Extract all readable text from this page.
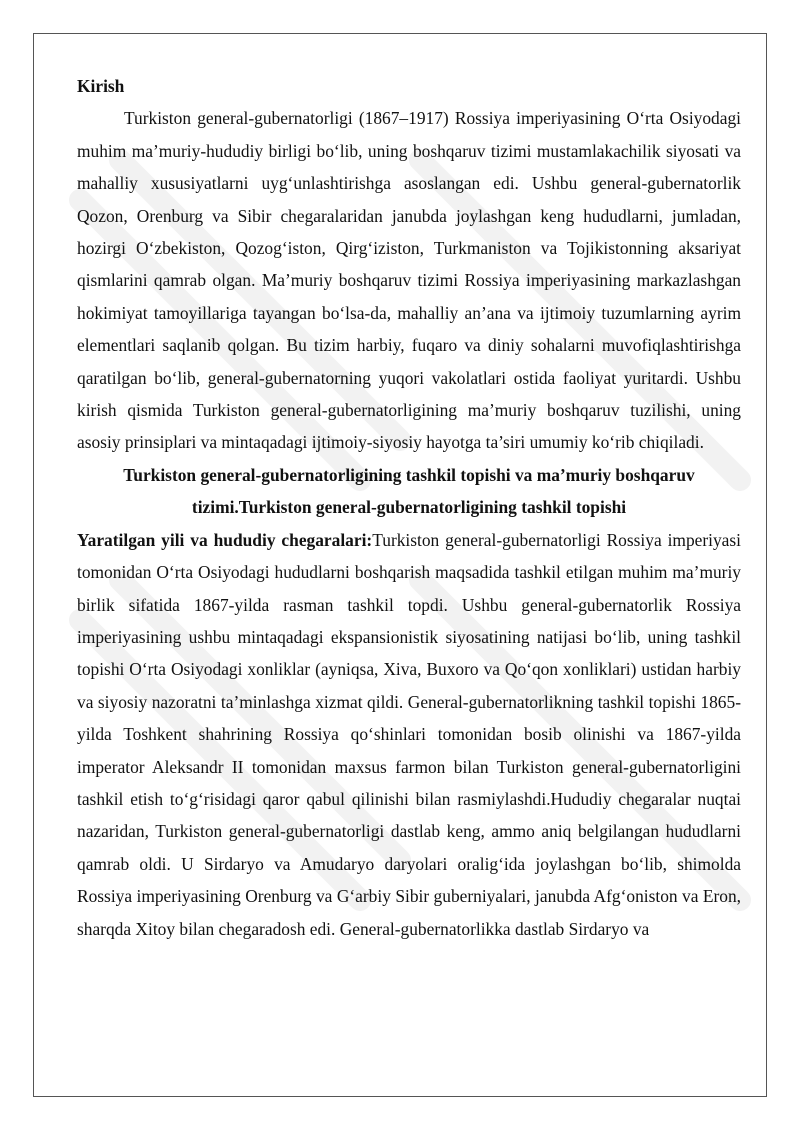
Kirish

Turkiston general-gubernatorligi (1867–1917) Rossiya imperiyasining O‘rta Osiyodagi muhim ma’muriy-hududiy birligi bo‘lib, uning boshqaruv tizimi mustamlakachilik siyosati va mahalliy xususiyatlarni uyg‘unlashtirishga asoslangan edi. Ushbu general-gubernatorlik Qozon, Orenburg va Sibir chegaralaridan janubda joylashgan keng hududlarni, jumladan, hozirgi O‘zbekiston, Qozog‘iston, Qirg‘iziston, Turkmaniston va Tojikistonning aksariyat qismlarini qamrab olgan. Ma’muriy boshqaruv tizimi Rossiya imperiyasining markazlashgan hokimiyat tamoyillariga tayangan bo‘lsa-da, mahalliy an’ana va ijtimoiy tuzumlarning ayrim elementlari saqlanib qolgan. Bu tizim harbiy, fuqaro va diniy sohalarni muvofiqlashtirishga qaratilgan bo‘lib, general-gubernatorning yuqori vakolatlari ostida faoliyat yuritardi. Ushbu kirish qismida Turkiston general-gubernatorligining ma’muriy boshqaruv tuzilishi, uning asosiy prinsiplari va mintaqadagi ijtimoiy-siyosiy hayotga ta’siri umumiy ko‘rib chiqiladi.

Turkiston general-gubernatorligining tashkil topishi va ma’muriy boshqaruv tizimi.Turkiston general-gubernatorligining tashkil topishi

Yaratilgan yili va hududiy chegaralari:Turkiston general-gubernatorligi Rossiya imperiyasi tomonidan O‘rta Osiyodagi hududlarni boshqarish maqsadida tashkil etilgan muhim ma’muriy birlik sifatida 1867-yilda rasman tashkil topdi. Ushbu general-gubernatorlik Rossiya imperiyasining ushbu mintaqadagi ekspansionistik siyosatining natijasi bo‘lib, uning tashkil topishi O‘rta Osiyodagi xonliklar (ayniqsa, Xiva, Buxoro va Qo‘qon xonliklari) ustidan harbiy va siyosiy nazoratni ta’minlashga xizmat qildi. General-gubernatorlikning tashkil topishi 1865-yilda Toshkent shahrining Rossiya qo‘shinlari tomonidan bosib olinishi va 1867-yilda imperator Aleksandr II tomonidan maxsus farmon bilan Turkiston general-gubernatorligini tashkil etish to‘g‘risidagi qaror qabul qilinishi bilan rasmiylashdi.Hududiy chegaralar nuqtai nazaridan, Turkiston general-gubernatorligi dastlab keng, ammo aniq belgilangan hududlarni qamrab oldi. U Sirdaryo va Amudaryo daryolari oralig‘ida joylashgan bo‘lib, shimolda Rossiya imperiyasining Orenburg va G‘arbiy Sibir guberniyalari, janubda Afg‘oniston va Eron, sharqda Xitoy bilan chegaradosh edi. General-gubernatorlikka dastlab Sirdaryo va
